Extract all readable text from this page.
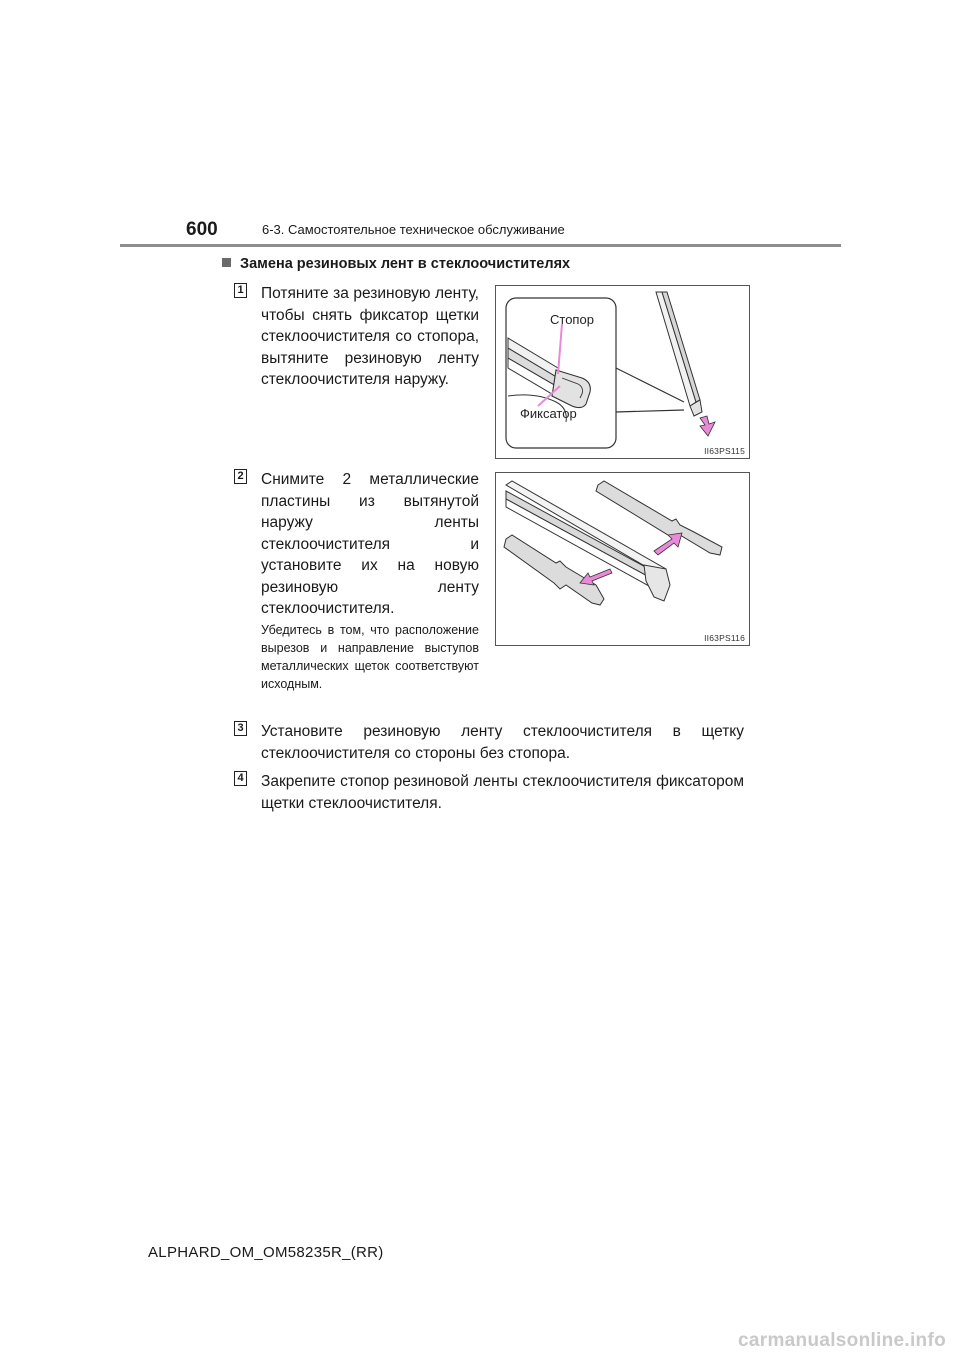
600	6-3. Самостоятельное техническое обслуживание
Замена резиновых лент в стеклоочистителях
1 Потяните за резиновую ленту, чтобы снять фиксатор щетки стеклоочистителя со стопора, вытяните резиновую ленту стеклоочистителя наружу.
Стопор
Фиксатор
II63PS115
2 Снимите 2 металлические пластины из вытянутой наружу ленты стеклоочистителя и установите их на новую резиновую ленту стеклоочистителя.
Убедитесь в том, что расположение вырезов и направление выступов металлических щеток соответствуют исходным.
II63PS116
3 Установите резиновую ленту стеклоочистителя в щетку стеклоочистителя со стороны без стопора.
4 Закрепите стопор резиновой ленты стеклоочистителя фиксатором щетки стеклоочистителя.
ALPHARD_OM_OM58235R_(RR)
carmanualsonline.info
